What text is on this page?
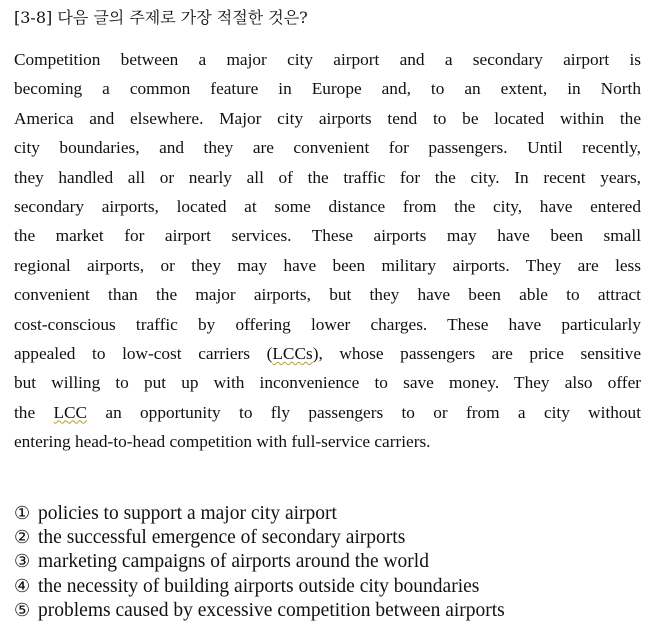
[3-8] 다음 글의 주제로 가장 적절한 것은?
Competition between a major city airport and a secondary airport is
becoming a common feature in Europe and, to an extent, in North
America and elsewhere. Major city airports tend to be located within the
city boundaries, and they are convenient for passengers. Until recently,
they handled all or nearly all of the traffic for the city. In recent years,
secondary airports, located at some distance from the city, have entered
the market for airport services. These airports may have been small
regional airports, or they may have been military airports. They are less
convenient than the major airports, but they have been able to attract
cost-conscious traffic by offering lower charges. These have particularly
appealed to low-cost carriers (LCCs), whose passengers are price sensitive
but willing to put up with inconvenience to save money. They also offer
the LCC an opportunity to fly passengers to or from a city without
entering head-to-head competition with full-service carriers.
① policies to support a major city airport
② the successful emergence of secondary airports
③ marketing campaigns of airports around the world
④ the necessity of building airports outside city boundaries
⑤ problems caused by excessive competition between airports
